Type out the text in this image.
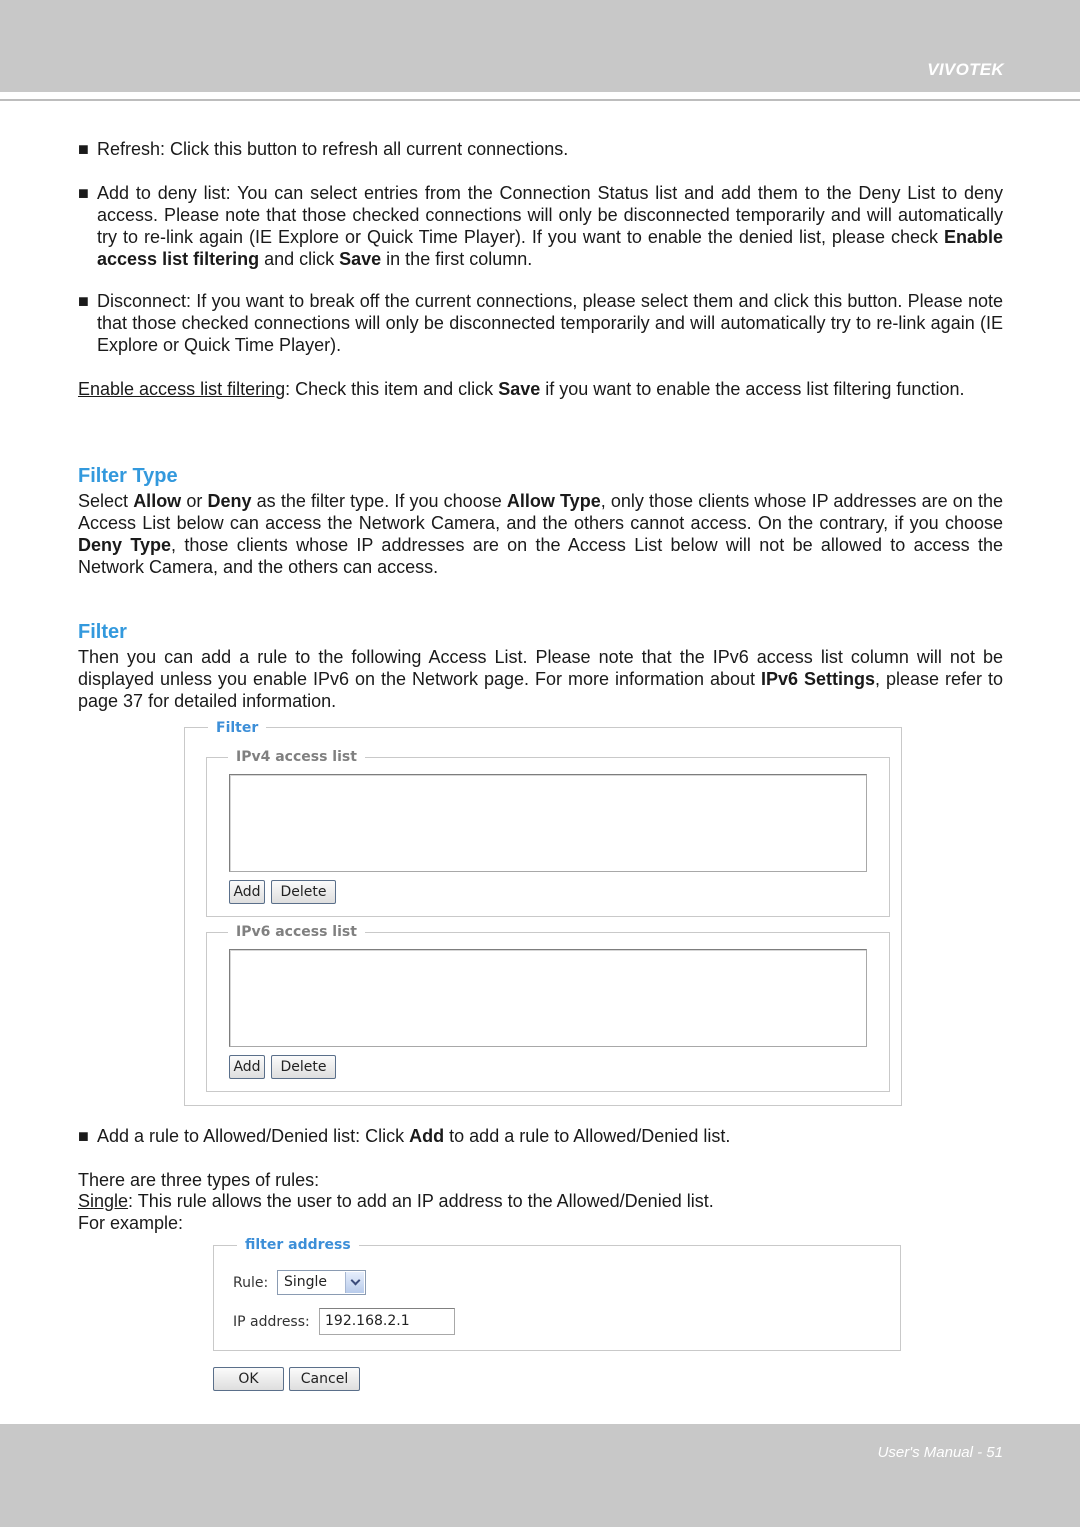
VIVOTEK
User's Manual - 51
■ Refresh: Click this button to refresh all current connections.
■ Add to deny list: You can select entries from the Connection Status list and add them to the Deny List to deny access. Please note that those checked connections will only be disconnected temporarily and will automatically try to re-link again (IE Explore or Quick Time Player). If you want to enable the denied list, please check Enable access list filtering and click Save in the first column.
■ Disconnect: If you want to break off the current connections, please select them and click this button. Please note that those checked connections will only be disconnected temporarily and will automatically try to re-link again (IE Explore or Quick Time Player).

Enable access list filtering: Check this item and click Save if you want to enable the access list filtering function.

Filter Type

Select Allow or Deny as the filter type. If you choose Allow Type, only those clients whose IP addresses are on the Access List below can access the Network Camera, and the others cannot access. On the contrary, if you choose Deny Type, those clients whose IP addresses are on the Access List below will not be allowed to access the Network Camera, and the others can access.

Filter

Then you can add a rule to the following Access List. Please note that the IPv6 access list column will not be displayed unless you enable IPv6 on the Network page. For more information about IPv6 Settings, please refer to page 37 for detailed information.

Filter
IPv4 access list
Add	Delete
IPv6 access list
Add	Delete
■ Add a rule to Allowed/Denied list: Click Add to add a rule to Allowed/Denied list.

There are three types of rules:

Single: This rule allows the user to add an IP address to the Allowed/Denied list.

For example:

filter address
Rule: Single
IP address:	192.168.2.1
OK	Cancel
